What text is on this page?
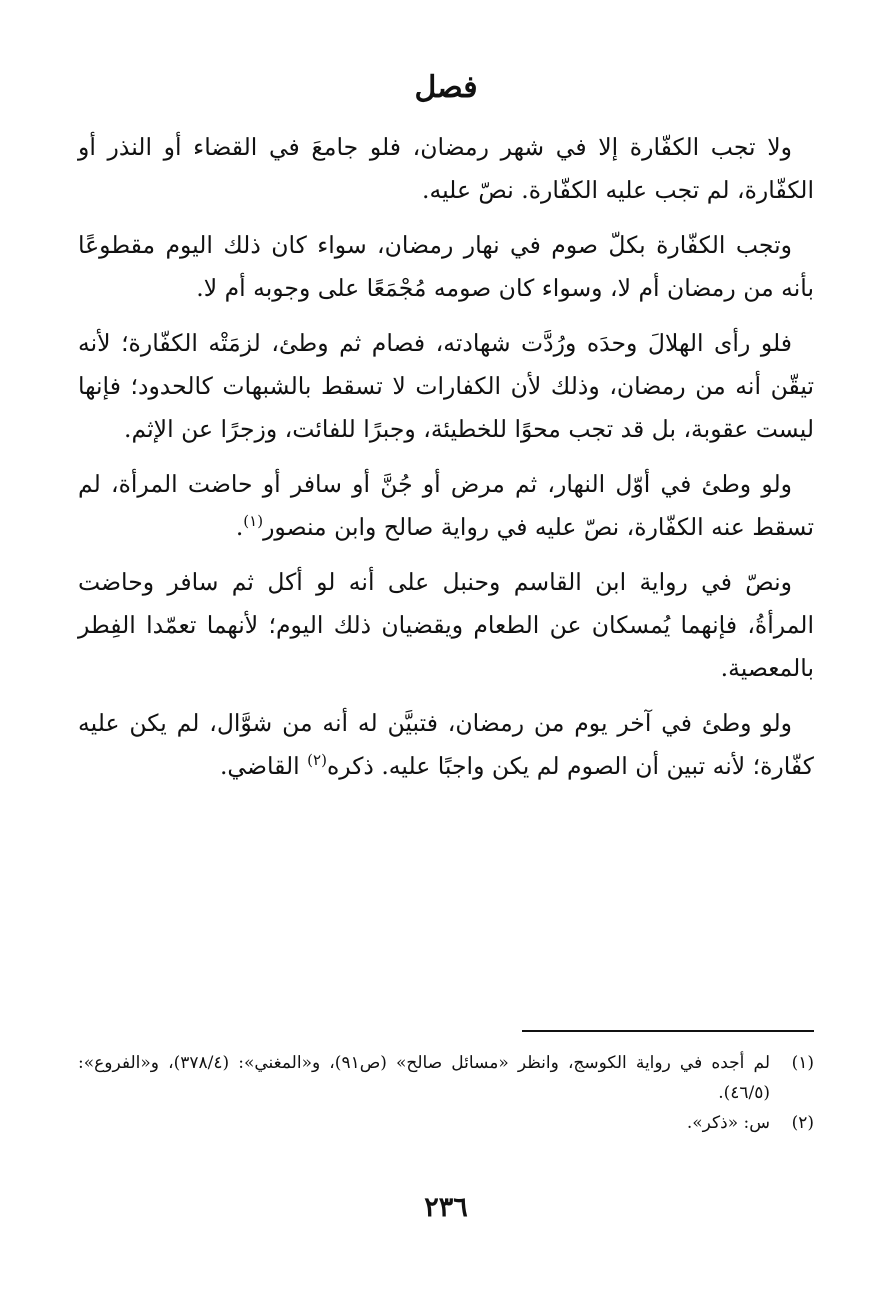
فصل

ولا تجب الكفّارة إلا في شهر رمضان، فلو جامعَ في القضاء أو النذر أو الكفّارة، لم تجب عليه الكفّارة. نصّ عليه.

وتجب الكفّارة بكلّ صوم في نهار رمضان، سواء كان ذلك اليوم مقطوعًا بأنه من رمضان أم لا، وسواء كان صومه مُجْمَعًا على وجوبه أم لا.

فلو رأى الهلالَ وحدَه ورُدَّت شهادته، فصام ثم وطئ، لزمَتْه الكفّارة؛ لأنه تيقّن أنه من رمضان، وذلك لأن الكفارات لا تسقط بالشبهات كالحدود؛ فإنها ليست عقوبة، بل قد تجب محوًا للخطيئة، وجبرًا للفائت، وزجرًا عن الإثم.

ولو وطئ في أوّل النهار، ثم مرض أو جُنَّ أو سافر أو حاضت المرأة، لم تسقط عنه الكفّارة، نصّ عليه في رواية صالح وابن منصور$^{(١)}$.

ونصّ في رواية ابن القاسم وحنبل على أنه لو أكل ثم سافر وحاضت المرأةُ، فإنهما يُمسكان عن الطعام ويقضيان ذلك اليوم؛ لأنهما تعمّدا الفِطر بالمعصية.

ولو وطئ في آخر يوم من رمضان، فتبيَّن له أنه من شوَّال، لم يكن عليه كفّارة؛ لأنه تبين أن الصوم لم يكن واجبًا عليه. ذكره$^{(٢)}$ القاضي.

(١)
لم أجده في رواية الكوسج، وانظر «مسائل صالح» (ص٩١)، و«المغني»: (٣٧٨/٤)، و«الفروع»: (٤٦/٥).

(٢)
س: «ذكر».

٢٣٦
